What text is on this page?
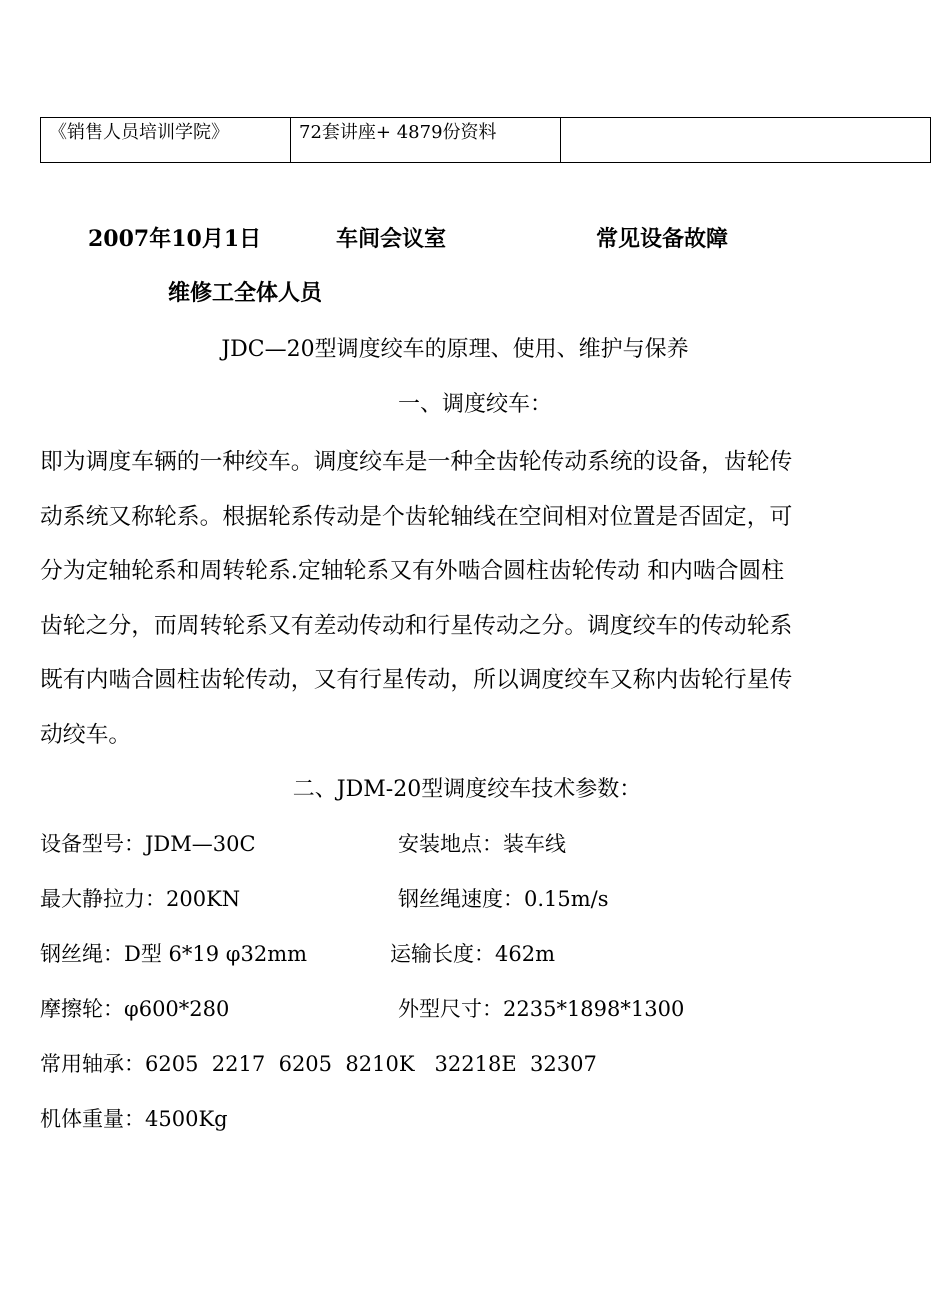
《销售人员培训学院》	72套讲座+ 4879份资料	
2007年10月1日	车间会议室	常见设备故障
维修工全体人员
JDC—20型调度绞车的原理、使用、维护与保养
一、调度绞车：
即为调度车辆的一种绞车。调度绞车是一种全齿轮传动系统的设备，齿轮传
动系统又称轮系。根据轮系传动是个齿轮轴线在空间相对位置是否固定，可
分为定轴轮系和周转轮系.定轴轮系又有外啮合圆柱齿轮传动 和内啮合圆柱
齿轮之分，而周转轮系又有差动传动和行星传动之分。调度绞车的传动轮系
既有内啮合圆柱齿轮传动，又有行星传动，所以调度绞车又称内齿轮行星传
动绞车。
二、JDM-20型调度绞车技术参数：
设备型号：JDM—30C	安装地点：装车线
最大静拉力：200KN	钢丝绳速度：0.15m/s
钢丝绳：D型 6*19 φ32mm	运输长度：462m
摩擦轮：φ600*280	外型尺寸：2235*1898*1300
常用轴承：6205  2217  6205  8210K   32218E  32307
机体重量：4500Kg
